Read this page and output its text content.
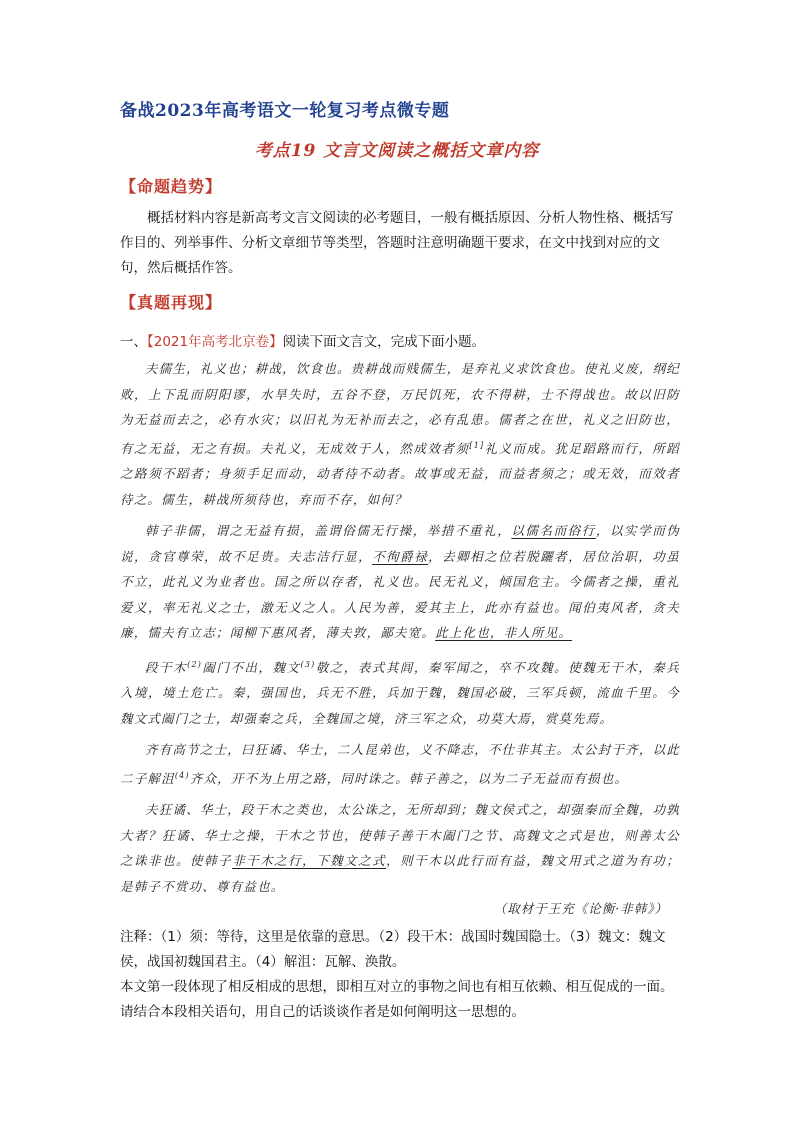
备战2023年高考语文一轮复习考点微专题
考点19 文言文阅读之概括文章内容
【命题趋势】
概括材料内容是新高考文言文阅读的必考题目，一般有概括原因、分析人物性格、概括写作目的、列举事件、分析文章细节等类型，答题时注意明确题干要求，在文中找到对应的文句，然后概括作答。
【真题再现】
一、【2021年高考北京卷】阅读下面文言文，完成下面小题。

夫儒生，礼义也；耕战，饮食也。贵耕战而贱儒生，是弃礼义求饮食也。使礼义废，纲纪败，上下乱而阴阳谬，水旱失时，五谷不登，万民饥死，农不得耕，士不得战也。故以旧防为无益而去之，必有水灾；以旧礼为无补而去之，必有乱患。儒者之在世，礼义之旧防也，有之无益，无之有损。夫礼义，无成效于人，然成效者须[1]礼义而成。犹足蹈路而行，所蹈之路须不蹈者；身须手足而动，动者待不动者。故事或无益，而益者须之；或无效，而效者待之。儒生，耕战所须待也，弃而不存，如何？

韩子非儒，谓之无益有损，盖谓俗儒无行操，举措不重礼，以儒名而俗行，以实学而伪说，贪官尊荣，故不足贵。夫志洁行显，不徇爵禄，去卿相之位若脱躧者，居位治职，功虽不立，此礼义为业者也。国之所以存者，礼义也。民无礼义，倾国危主。今儒者之操，重礼爱义，率无礼义之士，激无义之人。人民为善，爱其主上，此亦有益也。闻伯夷风者，贪夫廉，懦夫有立志；闻柳下惠风者，薄夫敦，鄙夫宽。此上化也，非人所见。

段干木$^{(2)}$阖门不出，魏文$^{(3)}$敬之，表式其闾，秦军闻之，卒不攻魏。使魏无干木，秦兵入境，境土危亡。秦，强国也，兵无不胜，兵加于魏，魏国必破，三军兵顿，流血千里。今魏文式阖门之士，却强秦之兵，全魏国之境，济三军之众，功莫大焉，赏莫先焉。

齐有高节之士，曰狂谲、华士，二人昆弟也，义不降志，不仕非其主。太公封于齐，以此二子解沮$^{(4)}$齐众，开不为上用之路，同时诛之。韩子善之，以为二子无益而有损也。

夫狂谲、华士，段干木之类也，太公诛之，无所却到；魏文侯式之，却强秦而全魏，功孰大者？狂谲、华士之操，干木之节也，使韩子善干木阖门之节、高魏文之式是也，则善太公之诛非也。使韩子非干木之行，下魏文之式，则干木以此行而有益，魏文用式之道为有功；是韩子不赏功、尊有益也。

（取材于王充《论衡·非韩》）

注释：（1）须：等待，这里是依靠的意思。（2）段干木：战国时魏国隐士。（3）魏文：魏文侯，战国初魏国君主。（4）解沮：瓦解、涣散。

本文第一段体现了相反相成的思想，即相互对立的事物之间也有相互依赖、相互促成的一面。请结合本段相关语句，用自己的话谈谈作者是如何阐明这一思想的。
